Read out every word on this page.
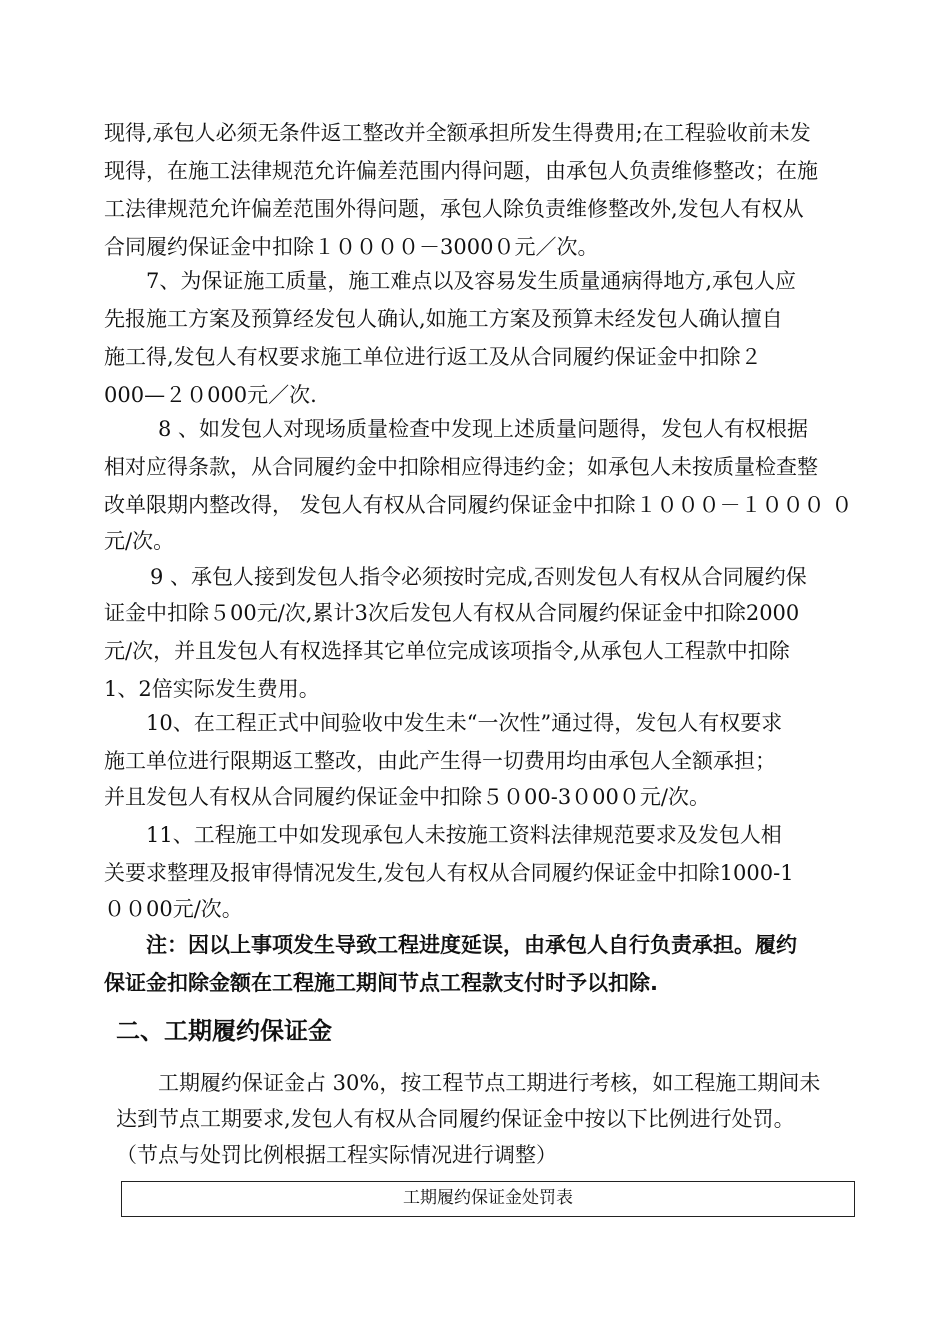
现得,承包人必须无条件返工整改并全额承担所发生得费用;在工程验收前未发
现得，在施工法律规范允许偏差范围内得问题，由承包人负责维修整改；在施
工法律规范允许偏差范围外得问题，承包人除负责维修整改外,发包人有权从
合同履约保证金中扣除１００００－3000０元／次。
7、为保证施工质量，施工难点以及容易发生质量通病得地方,承包人应
先报施工方案及预算经发包人确认,如施工方案及预算未经发包人确认擅自
施工得,发包人有权要求施工单位进行返工及从合同履约保证金中扣除２
000—２０000元／次.
8 、如发包人对现场质量检查中发现上述质量问题得，发包人有权根据
相对应得条款，从合同履约金中扣除相应得违约金；如承包人未按质量检查整
改单限期内整改得， 发包人有权从合同履约保证金中扣除１０００－１０００ ０
元/次。
9 、承包人接到发包人指令必须按时完成,否则发包人有权从合同履约保
证金中扣除５00元/次,累计3次后发包人有权从合同履约保证金中扣除2000
元/次，并且发包人有权选择其它单位完成该项指令,从承包人工程款中扣除
1、2倍实际发生费用。
10、在工程正式中间验收中发生未“一次性”通过得，发包人有权要求
施工单位进行限期返工整改，由此产生得一切费用均由承包人全额承担；
并且发包人有权从合同履约保证金中扣除５０00-3０00０元/次。
11、工程施工中如发现承包人未按施工资料法律规范要求及发包人相
关要求整理及报审得情况发生,发包人有权从合同履约保证金中扣除1000-1
００00元/次。
注：因以上事项发生导致工程进度延误，由承包人自行负责承担。履约
保证金扣除金额在工程施工期间节点工程款支付时予以扣除.
二、工期履约保证金
工期履约保证金占 30%，按工程节点工期进行考核，如工程施工期间未
达到节点工期要求,发包人有权从合同履约保证金中按以下比例进行处罚。
（节点与处罚比例根据工程实际情况进行调整）
工期履约保证金处罚表
